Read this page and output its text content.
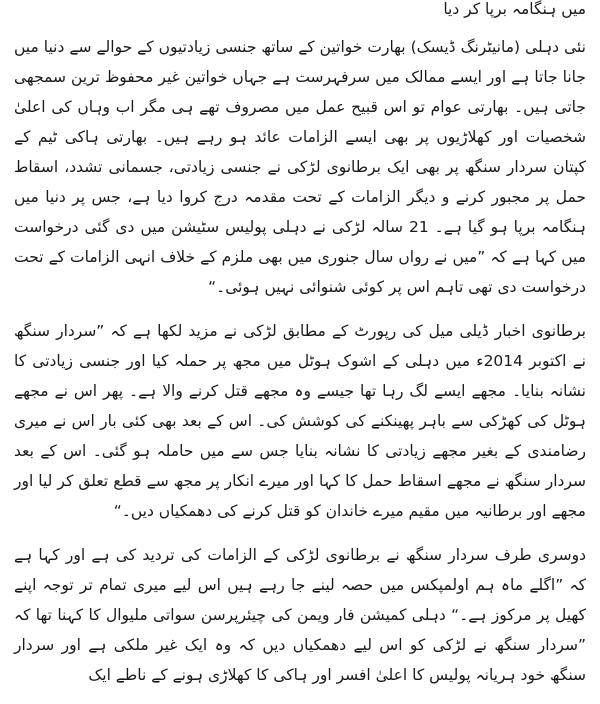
میں ہنگامہ برپا کر دیا

نئی دہلی (مانیٹرنگ ڈیسک) بھارت خواتین کے ساتھ جنسی زیادتیوں کے حوالے سے دنیا میں جانا جاتا ہے اور ایسے ممالک میں سرفہرست ہے جہاں خواتین غیر محفوظ ترین سمجھی جاتی ہیں۔ بھارتی عوام تو اس قبیح عمل میں مصروف تھے ہی مگر اب وہاں کی اعلیٰ شخصیات اور کھلاڑیوں پر بھی ایسے الزامات عائد ہو رہے ہیں۔ بھارتی ہاکی ٹیم کے کپتان سردار سنگھ پر بھی ایک برطانوی لڑکی نے جنسی زیادتی، جسمانی تشدد، اسقاط حمل پر مجبور کرنے و دیگر الزامات کے تحت مقدمہ درج کروا دیا ہے، جس پر دنیا میں ہنگامہ برپا ہو گیا ہے۔ 21 سالہ لڑکی نے دہلی پولیس سٹیشن میں دی گئی درخواست میں کہا ہے کہ ”میں نے رواں سال جنوری میں بھی ملزم کے خلاف انہی الزامات کے تحت درخواست دی تھی تاہم اس پر کوئی شنوائی نہیں ہوئی۔“

برطانوی اخبار ڈیلی میل کی رپورٹ کے مطابق لڑکی نے مزید لکھا ہے کہ ”سردار سنگھ نے اکتوبر 2014ء میں دہلی کے اشوک ہوٹل میں مجھ پر حملہ کیا اور جنسی زیادتی کا نشانہ بنایا۔ مجھے ایسے لگ رہا تھا جیسے وہ مجھے قتل کرنے والا ہے۔ پھر اس نے مجھے ہوٹل کی کھڑکی سے باہر پھینکنے کی کوشش کی۔ اس کے بعد بھی کئی بار اس نے میری رضامندی کے بغیر مجھے زیادتی کا نشانہ بنایا جس سے میں حاملہ ہو گئی۔ اس کے بعد سردار سنگھ نے مجھے اسقاط حمل کا کہا اور میرے انکار پر مجھ سے قطع تعلق کر لیا اور مجھے اور برطانیہ میں مقیم میرے خاندان کو قتل کرنے کی دھمکیاں دیں۔“

دوسری طرف سردار سنگھ نے برطانوی لڑکی کے الزامات کی تردید کی ہے اور کہا ہے کہ ”اگلے ماہ ہم اولمپکس میں حصہ لینے جا رہے ہیں اس لیے میری تمام تر توجہ اپنے کھیل پر مرکوز ہے۔“ دہلی کمیشن فار ویمن کی چیئرپرسن سواتی ملیوال کا کہنا تھا کہ ”سردار سنگھ نے لڑکی کو اس لیے دھمکیاں دیں کہ وہ ایک غیر ملکی ہے اور سردار سنگھ خود ہریانہ پولیس کا اعلیٰ افسر اور ہاکی کا کھلاڑی ہونے کے ناطے ایک
